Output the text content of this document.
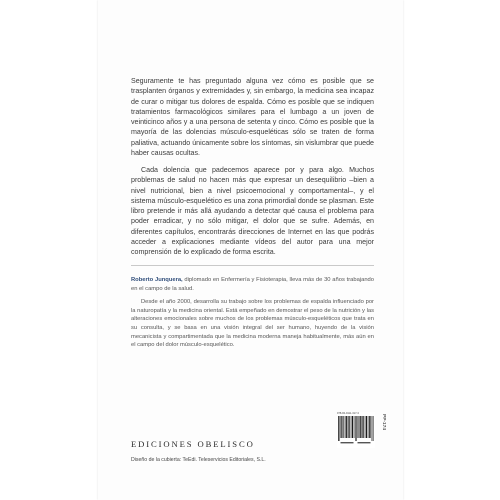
Seguramente te has preguntado alguna vez cómo es posible que se trasplanten órganos y extremidades y, sin embargo, la medicina sea incapaz de curar o mitigar tus dolores de espalda. Cómo es posible que se indiquen tratamientos farmacológicos similares para el lumbago a un joven de veinticinco años y a una persona de setenta y cinco. Cómo es posible que la mayoría de las dolencias músculo-esqueléticas sólo se traten de forma paliativa, actuando únicamente sobre los síntomas, sin vislumbrar que puede haber causas ocultas.

Cada dolencia que padecemos aparece por y para algo. Muchos problemas de salud no hacen más que expresar un desequilibrio –bien a nivel nutricional, bien a nivel psicoemocional y comportamental–, y el sistema músculo-esquelético es una zona primordial donde se plasman. Este libro pretende ir más allá ayudando a detectar qué causa el problema para poder erradicar, y no sólo mitigar, el dolor que se sufre. Además, en diferentes capítulos, encontrarás direcciones de Internet en las que podrás acceder a explicaciones mediante vídeos del autor para una mejor comprensión de lo explicado de forma escrita.

Roberto Junquera, diplomado en Enfermería y Fisioterapia, lleva más de 30 años trabajando en el campo de la salud.

Desde el año 2000, desarrolla su trabajo sobre los problemas de espalda influenciado por la naturopatía y la medicina oriental. Está empeñado en demostrar el peso de la nutrición y las alteraciones emocionales sobre muchos de los problemas músculo-esqueléticos que trata en su consulta, y se basa en una visión integral del ser humano, huyendo de la visión mecanicista y compartimentada que la medicina moderna maneja habitualmente, más aún en el campo del dolor músculo-esquelético.

EDICIONES OBELISCO
Diseño de la cubierta: TeEdi. Teleservicios Editoriales, S.L.
978-84-9111-317-3
PP-174
